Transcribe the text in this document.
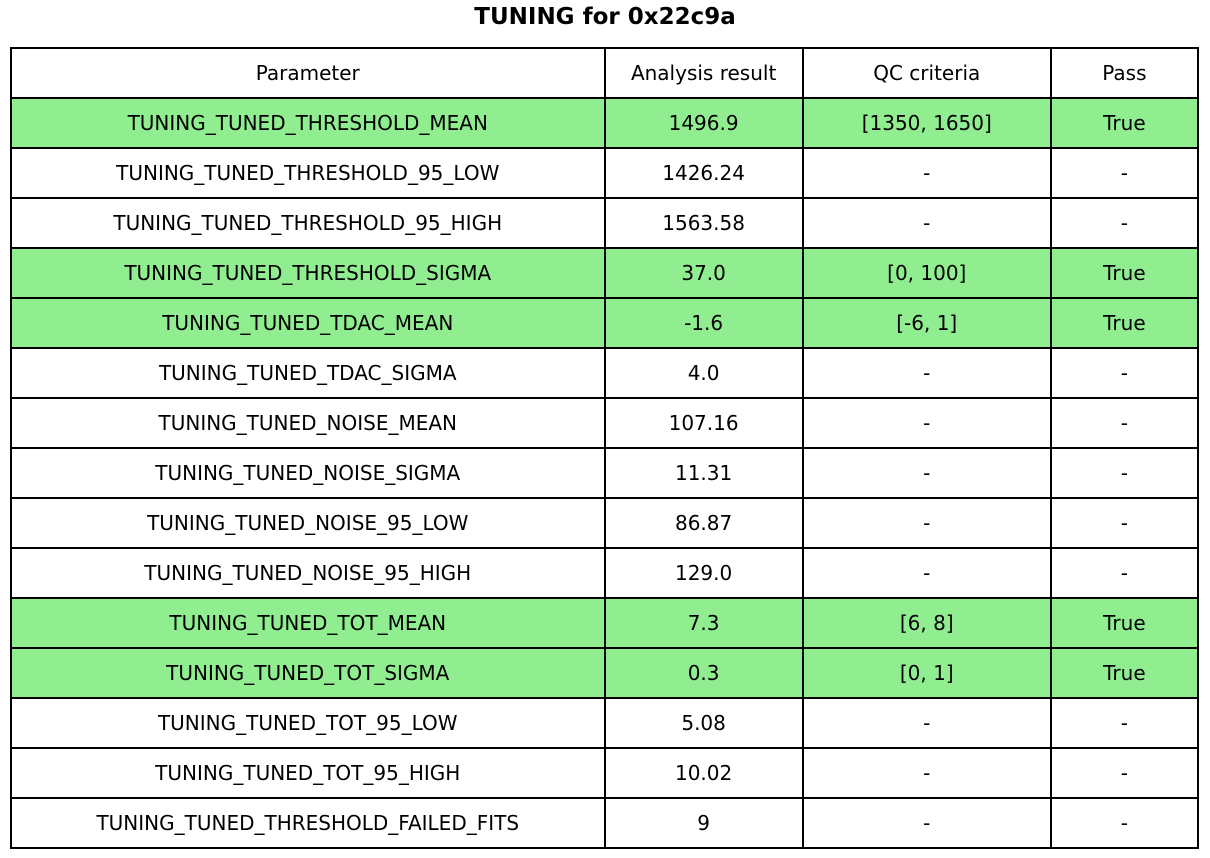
TUNING for 0x22c9a
Parameter	Analysis result	QC criteria	Pass
TUNING_TUNED_THRESHOLD_MEAN	1496.9	[1350, 1650]	True
TUNING_TUNED_THRESHOLD_95_LOW	1426.24	-	-
TUNING_TUNED_THRESHOLD_95_HIGH	1563.58	-	-
TUNING_TUNED_THRESHOLD_SIGMA	37.0	[0, 100]	True
TUNING_TUNED_TDAC_MEAN	-1.6	[-6, 1]	True
TUNING_TUNED_TDAC_SIGMA	4.0	-	-
TUNING_TUNED_NOISE_MEAN	107.16	-	-
TUNING_TUNED_NOISE_SIGMA	11.31	-	-
TUNING_TUNED_NOISE_95_LOW	86.87	-	-
TUNING_TUNED_NOISE_95_HIGH	129.0	-	-
TUNING_TUNED_TOT_MEAN	7.3	[6, 8]	True
TUNING_TUNED_TOT_SIGMA	0.3	[0, 1]	True
TUNING_TUNED_TOT_95_LOW	5.08	-	-
TUNING_TUNED_TOT_95_HIGH	10.02	-	-
TUNING_TUNED_THRESHOLD_FAILED_FITS	9	-	-
